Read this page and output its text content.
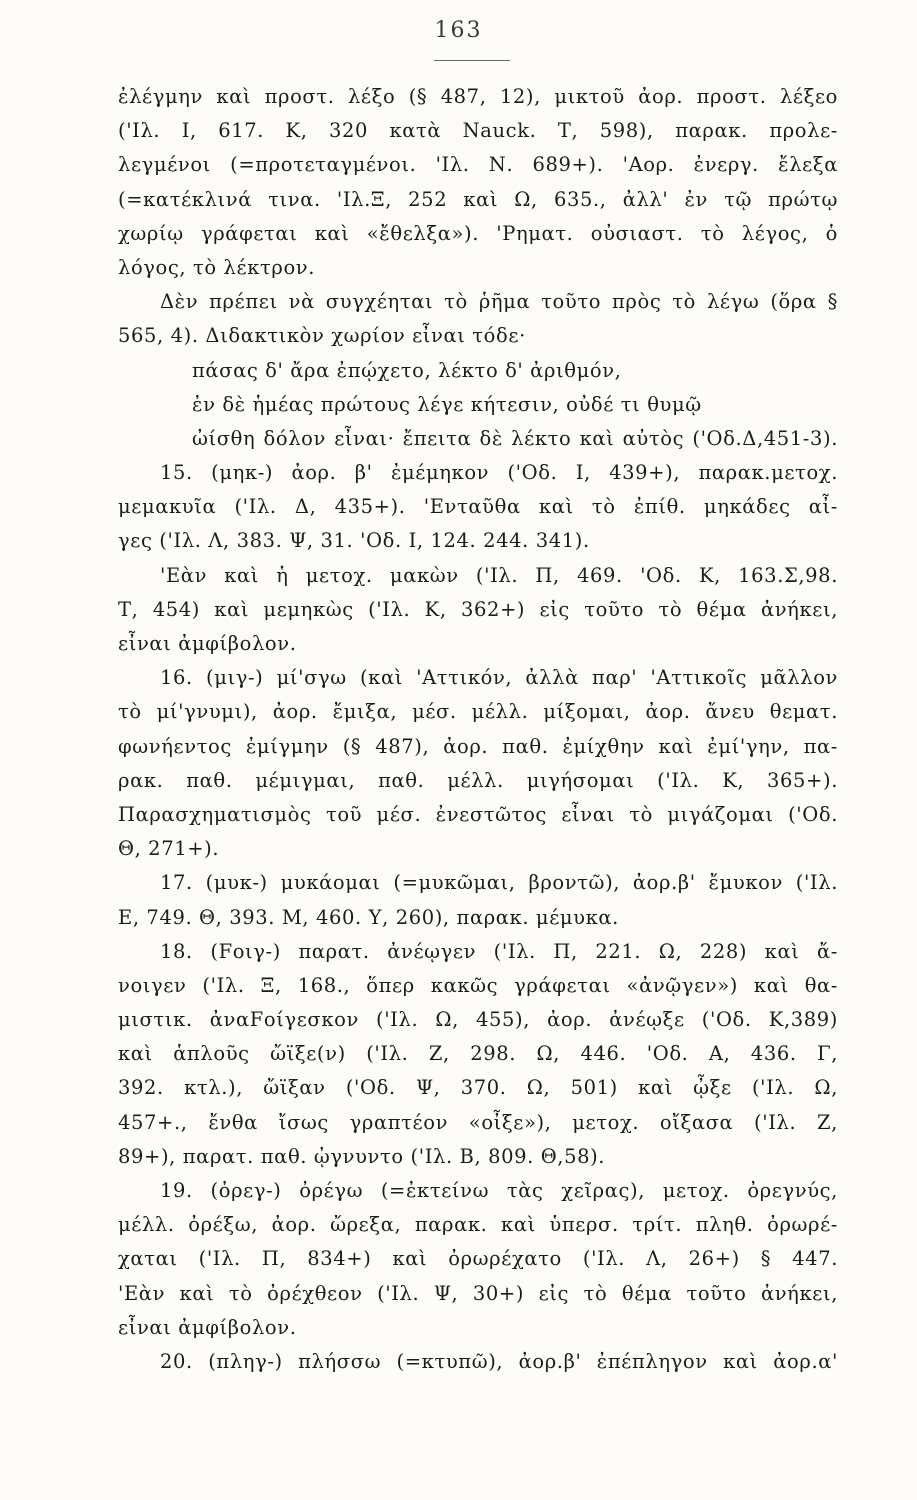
163
ἐλέγμην καὶ προστ. λέξο (§ 487, 12), μικτοῦ ἀορ. προστ. λέξεο
('Ιλ. Ι, 617. Κ, 320 κατὰ Nauck. Τ, 598), παρακ. προλε-
λεγμένοι (=προτεταγμένοι. 'Ιλ. Ν. 689+). 'Αορ. ἐνεργ. ἔλεξα
(=κατέκλινά τινα. 'Ιλ.Ξ, 252 καὶ Ω, 635., ἀλλ' ἐν τῷ πρώτῳ
χωρίῳ γράφεται καὶ «ἔθελξα»). 'Ρηματ. οὐσιαστ. τὸ λέγος, ὁ
λόγος, τὸ λέκτρον.
Δὲν πρέπει νὰ συγχέηται τὸ ῥῆμα τοῦτο πρὸς τὸ λέγω (ὅρα §
565, 4). Διδακτικὸν χωρίον εἶναι τόδε·
πάσας δ' ἄρα ἐπῴχετο, λέκτο δ' ἀριθμόν,
ἐν δὲ ἡμέας πρώτους λέγε κήτεσιν, οὐδέ τι θυμῷ
ὠίσθη δόλον εἶναι· ἔπειτα δὲ λέκτο καὶ αὐτὸς ('Οδ.Δ,451-3).
15. (μηκ-) ἀορ. β' ἐμέμηκον ('Οδ. Ι, 439+), παρακ.μετοχ.
μεμακυῖα ('Ιλ. Δ, 435+). 'Ενταῦθα καὶ τὸ ἐπίθ. μηκάδες αἶ-
γες ('Ιλ. Λ, 383. Ψ, 31. 'Οδ. Ι, 124. 244. 341).
'Εὰν καὶ ἡ μετοχ. μακὼν ('Ιλ. Π, 469. 'Οδ. Κ, 163.Σ,98.
Τ, 454) καὶ μεμηκὼς ('Ιλ. Κ, 362+) εἰς τοῦτο τὸ θέμα ἀνήκει,
εἶναι ἀμφίβολον.
16. (μιγ-) μί'σγω (καὶ 'Αττικόν, ἀλλὰ παρ' 'Αττικοῖς μᾶλλον
τὸ μί'γνυμι), ἀορ. ἔμιξα, μέσ. μέλλ. μίξομαι, ἀορ. ἄνευ θεματ.
φωνήεντος ἐμίγμην (§ 487), ἀορ. παθ. ἐμίχθην καὶ ἐμί'γην, πα-
ρακ. παθ. μέμιγμαι, παθ. μέλλ. μιγήσομαι ('Ιλ. Κ, 365+).
Παρασχηματισμὸς τοῦ μέσ. ἐνεστῶτος εἶναι τὸ μιγάζομαι ('Οδ.
Θ, 271+).
17. (μυκ-) μυκάομαι (=μυκῶμαι, βροντῶ), ἀορ.β' ἔμυκον ('Ιλ.
Ε, 749. Θ, 393. Μ, 460. Υ, 260), παρακ. μέμυκα.
18. (Fοιγ-) παρατ. ἀνέῳγεν ('Ιλ. Π, 221. Ω, 228) καὶ ἄ-
νοιγεν ('Ιλ. Ξ, 168., ὅπερ κακῶς γράφεται «ἀνῷγεν») καὶ θα-
μιστικ. ἀναFοίγεσκον ('Ιλ. Ω, 455), ἀορ. ἀνέῳξε ('Οδ. Κ,389)
καὶ ἁπλοῦς ὤϊξε(ν) ('Ιλ. Ζ, 298. Ω, 446. 'Οδ. Α, 436. Γ,
392. κτλ.), ὤϊξαν ('Οδ. Ψ, 370. Ω, 501) καὶ ᾦξε ('Ιλ. Ω,
457+., ἔνθα ἴσως γραπτέον «οἶξε»), μετοχ. οἴξασα ('Ιλ. Ζ,
89+), παρατ. παθ. ᾠγνυντο ('Ιλ. Β, 809. Θ,58).
19. (ὀρεγ-) ὀρέγω (=ἐκτείνω τὰς χεῖρας), μετοχ. ὀρεγνύς,
μέλλ. ὀρέξω, ἀορ. ὤρεξα, παρακ. καὶ ὑπερσ. τρίτ. πληθ. ὀρωρέ-
χαται ('Ιλ. Π, 834+) καὶ ὀρωρέχατο ('Ιλ. Λ, 26+) § 447.
'Εὰν καὶ τὸ ὀρέχθεον ('Ιλ. Ψ, 30+) εἰς τὸ θέμα τοῦτο ἀνήκει,
εἶναι ἀμφίβολον.
20. (πληγ-) πλήσσω (=κτυπῶ), ἀορ.β' ἐπέπληγον καὶ ἀορ.α'
